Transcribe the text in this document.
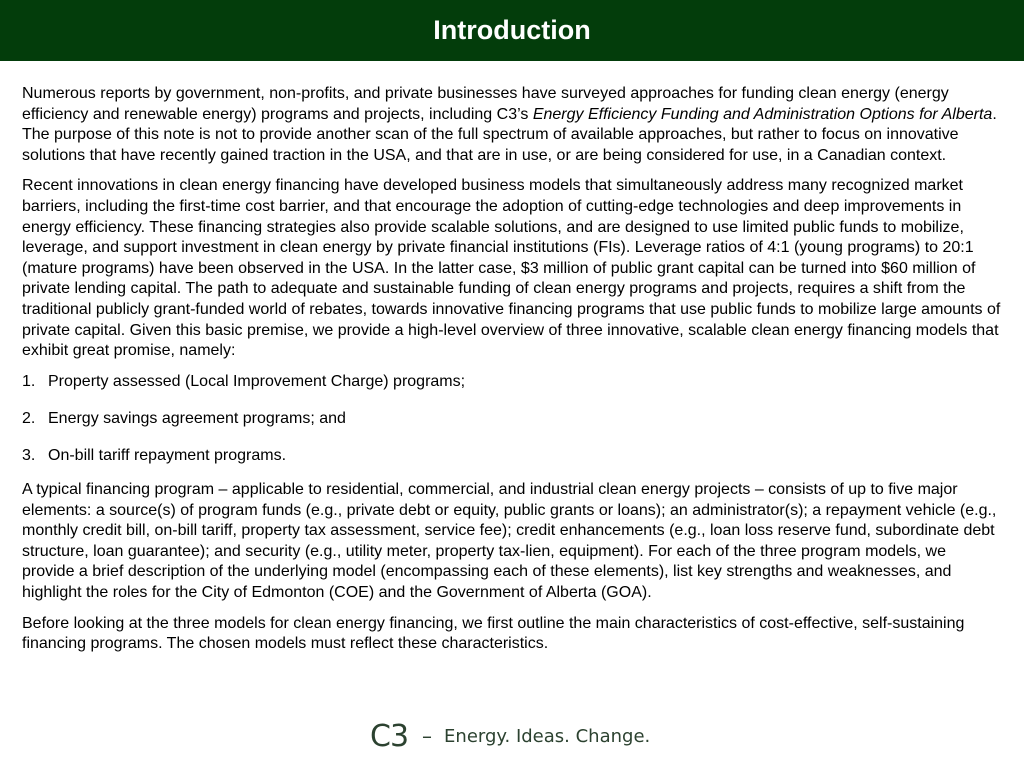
Introduction

Numerous reports by government, non-profits, and private businesses have surveyed approaches for funding clean energy (energy efficiency and renewable energy) programs and projects, including C3’s Energy Efficiency Funding and Administration Options for Alberta. The purpose of this note is not to provide another scan of the full spectrum of available approaches, but rather to focus on innovative solutions that have recently gained traction in the USA, and that are in use, or are being considered for use, in a Canadian context.

Recent innovations in clean energy financing have developed business models that simultaneously address many recognized market barriers, including the first-time cost barrier, and that encourage the adoption of cutting-edge technologies and deep improvements in energy efficiency. These financing strategies also provide scalable solutions, and are designed to use limited public funds to mobilize, leverage, and support investment in clean energy by private financial institutions (FIs). Leverage ratios of 4:1 (young programs) to 20:1 (mature programs) have been observed in the USA. In the latter case, $3 million of public grant capital can be turned into $60 million of private lending capital. The path to adequate and sustainable funding of clean energy programs and projects, requires a shift from the traditional publicly grant-funded world of rebates, towards innovative financing programs that use public funds to mobilize large amounts of private capital. Given this basic premise, we provide a high-level overview of three innovative, scalable clean energy financing models that exhibit great promise, namely:

1. Property assessed (Local Improvement Charge) programs;
2. Energy savings agreement programs; and
3. On-bill tariff repayment programs.

A typical financing program – applicable to residential, commercial, and industrial clean energy projects – consists of up to five major elements: a source(s) of program funds (e.g., private debt or equity, public grants or loans); an administrator(s); a repayment vehicle (e.g., monthly credit bill, on-bill tariff, property tax assessment, service fee); credit enhancements (e.g., loan loss reserve fund, subordinate debt structure, loan guarantee); and security (e.g., utility meter, property tax-lien, equipment). For each of the three program models, we provide a brief description of the underlying model (encompassing each of these elements), list key strengths and weaknesses, and highlight the roles for the City of Edmonton (COE) and the Government of Alberta (GOA).

Before looking at the three models for clean energy financing, we first outline the main characteristics of cost-effective, self-sustaining financing programs. The chosen models must reflect these characteristics.

C3 – Energy. Ideas. Change.
